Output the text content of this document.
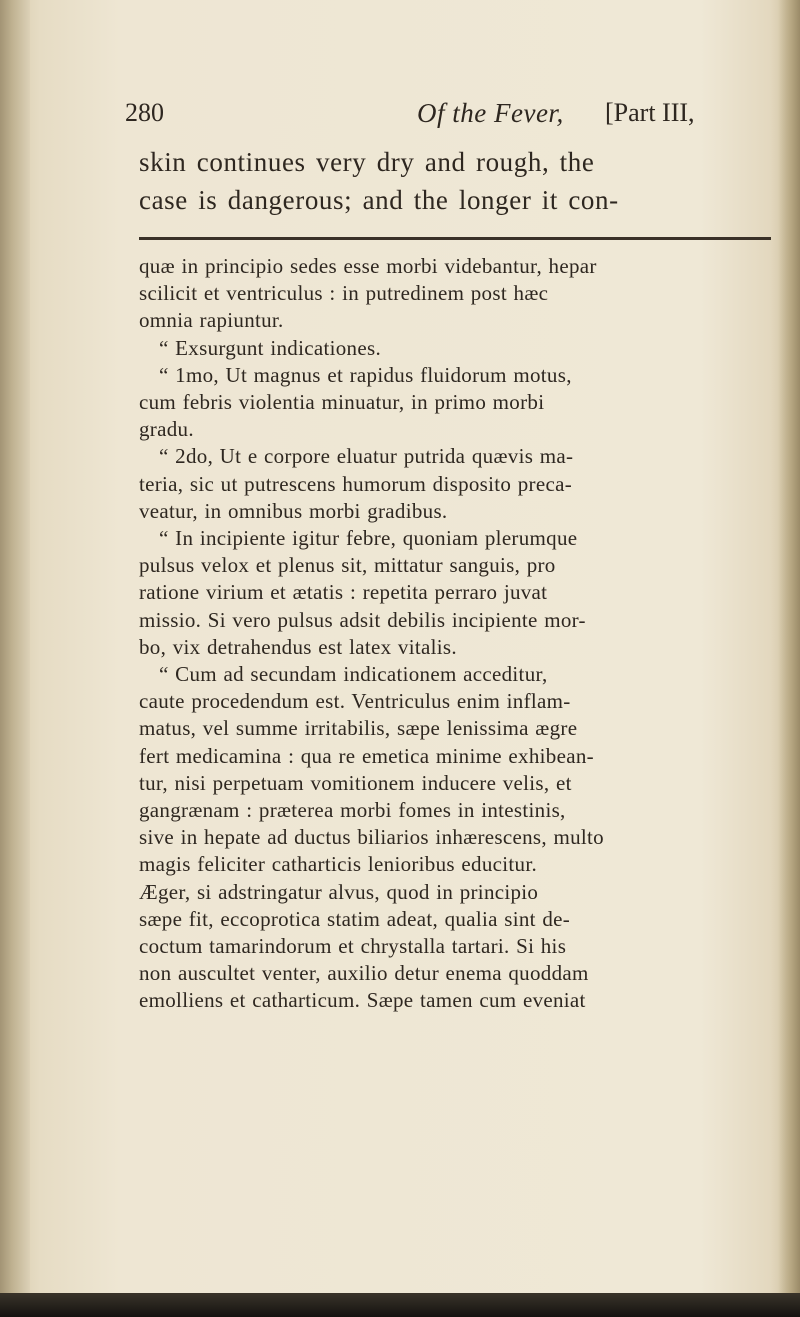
280	Of the Fever, [Part III,
skin continues very dry and rough, the
case is dangerous; and the longer it con-
quæ in principio sedes esse morbi videbantur, hepar
scilicit et ventriculus : in putredinem post hæc
omnia rapiuntur.
“ Exsurgunt indicationes.
“ 1mo, Ut magnus et rapidus fluidorum motus,
cum febris violentia minuatur, in primo morbi
gradu.
“ 2do, Ut e corpore eluatur putrida quævis ma-
teria, sic ut putrescens humorum disposito preca-
veatur, in omnibus morbi gradibus.
“ In incipiente igitur febre, quoniam plerumque
pulsus velox et plenus sit, mittatur sanguis, pro
ratione virium et ætatis : repetita perraro juvat
missio. Si vero pulsus adsit debilis incipiente mor-
bo, vix detrahendus est latex vitalis.
“ Cum ad secundam indicationem acceditur,
caute procedendum est. Ventriculus enim inflam-
matus, vel summe irritabilis, sæpe lenissima ægre
fert medicamina : qua re emetica minime exhibean-
tur, nisi perpetuam vomitionem inducere velis, et
gangrænam : præterea morbi fomes in intestinis,
sive in hepate ad ductus biliarios inhærescens, multo
magis feliciter catharticis lenioribus educitur.
Æger, si adstringatur alvus, quod in principio
sæpe fit, eccoprotica statim adeat, qualia sint de-
coctum tamarindorum et chrystalla tartari. Si his
non auscultet venter, auxilio detur enema quoddam
emolliens et catharticum. Sæpe tamen cum eveniat
